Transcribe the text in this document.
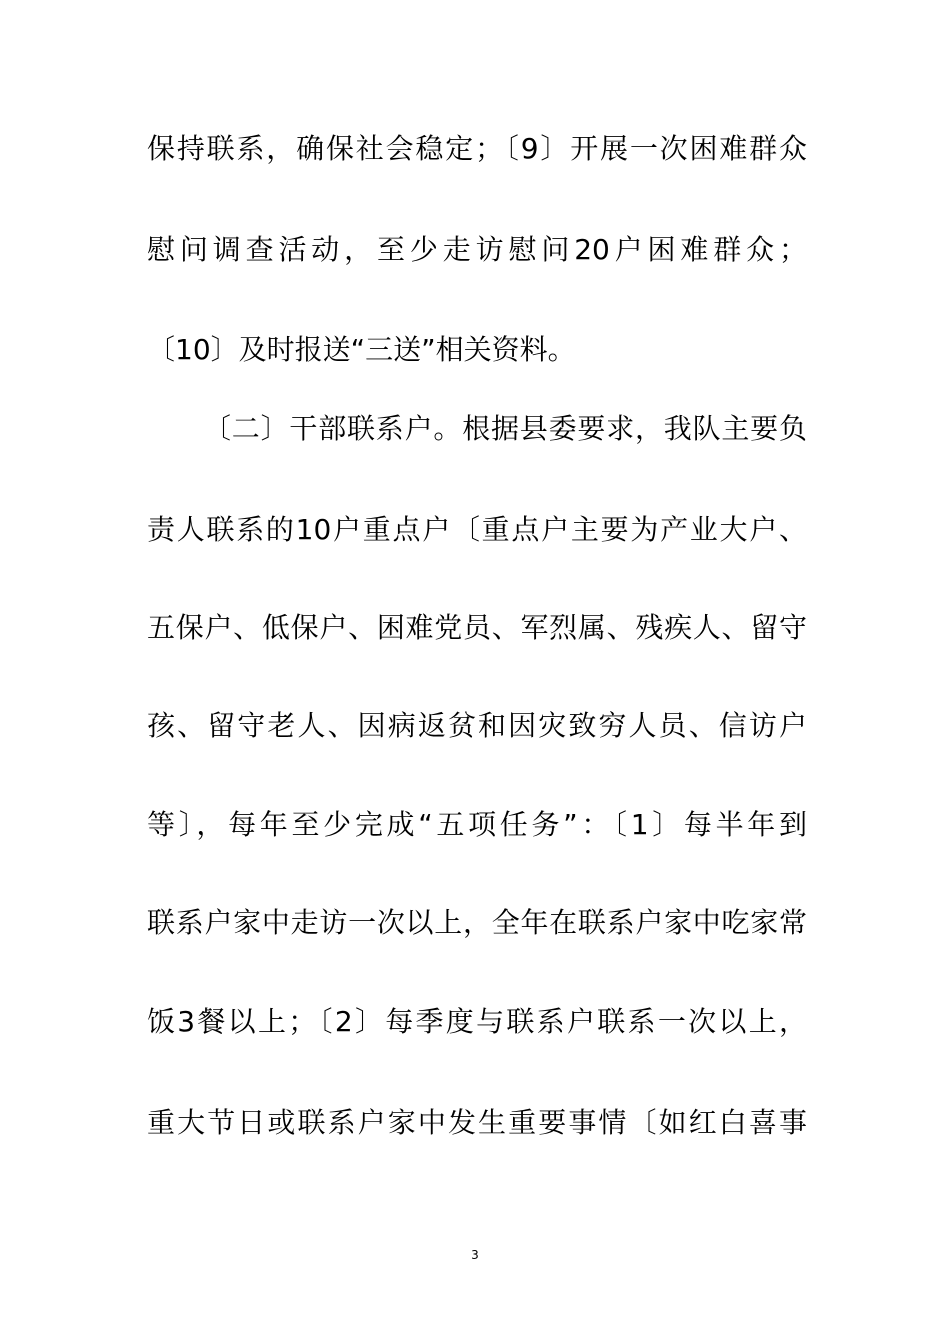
保持联系，确保社会稳定；〔9〕开展一次困难群众
慰问调查活动，至少走访慰问20户困难群众；
〔10〕及时报送“三送”相关资料。
〔二〕干部联系户。根据县委要求，我队主要负
责人联系的10户重点户〔重点户主要为产业大户、
五保户、低保户、困难党员、军烈属、残疾人、留守
孩、留守老人、因病返贫和因灾致穷人员、信访户
等〕，每年至少完成“五项任务”：〔1〕每半年到
联系户家中走访一次以上，全年在联系户家中吃家常
饭3餐以上；〔2〕每季度与联系户联系一次以上，
重大节日或联系户家中发生重要事情〔如红白喜事
3
